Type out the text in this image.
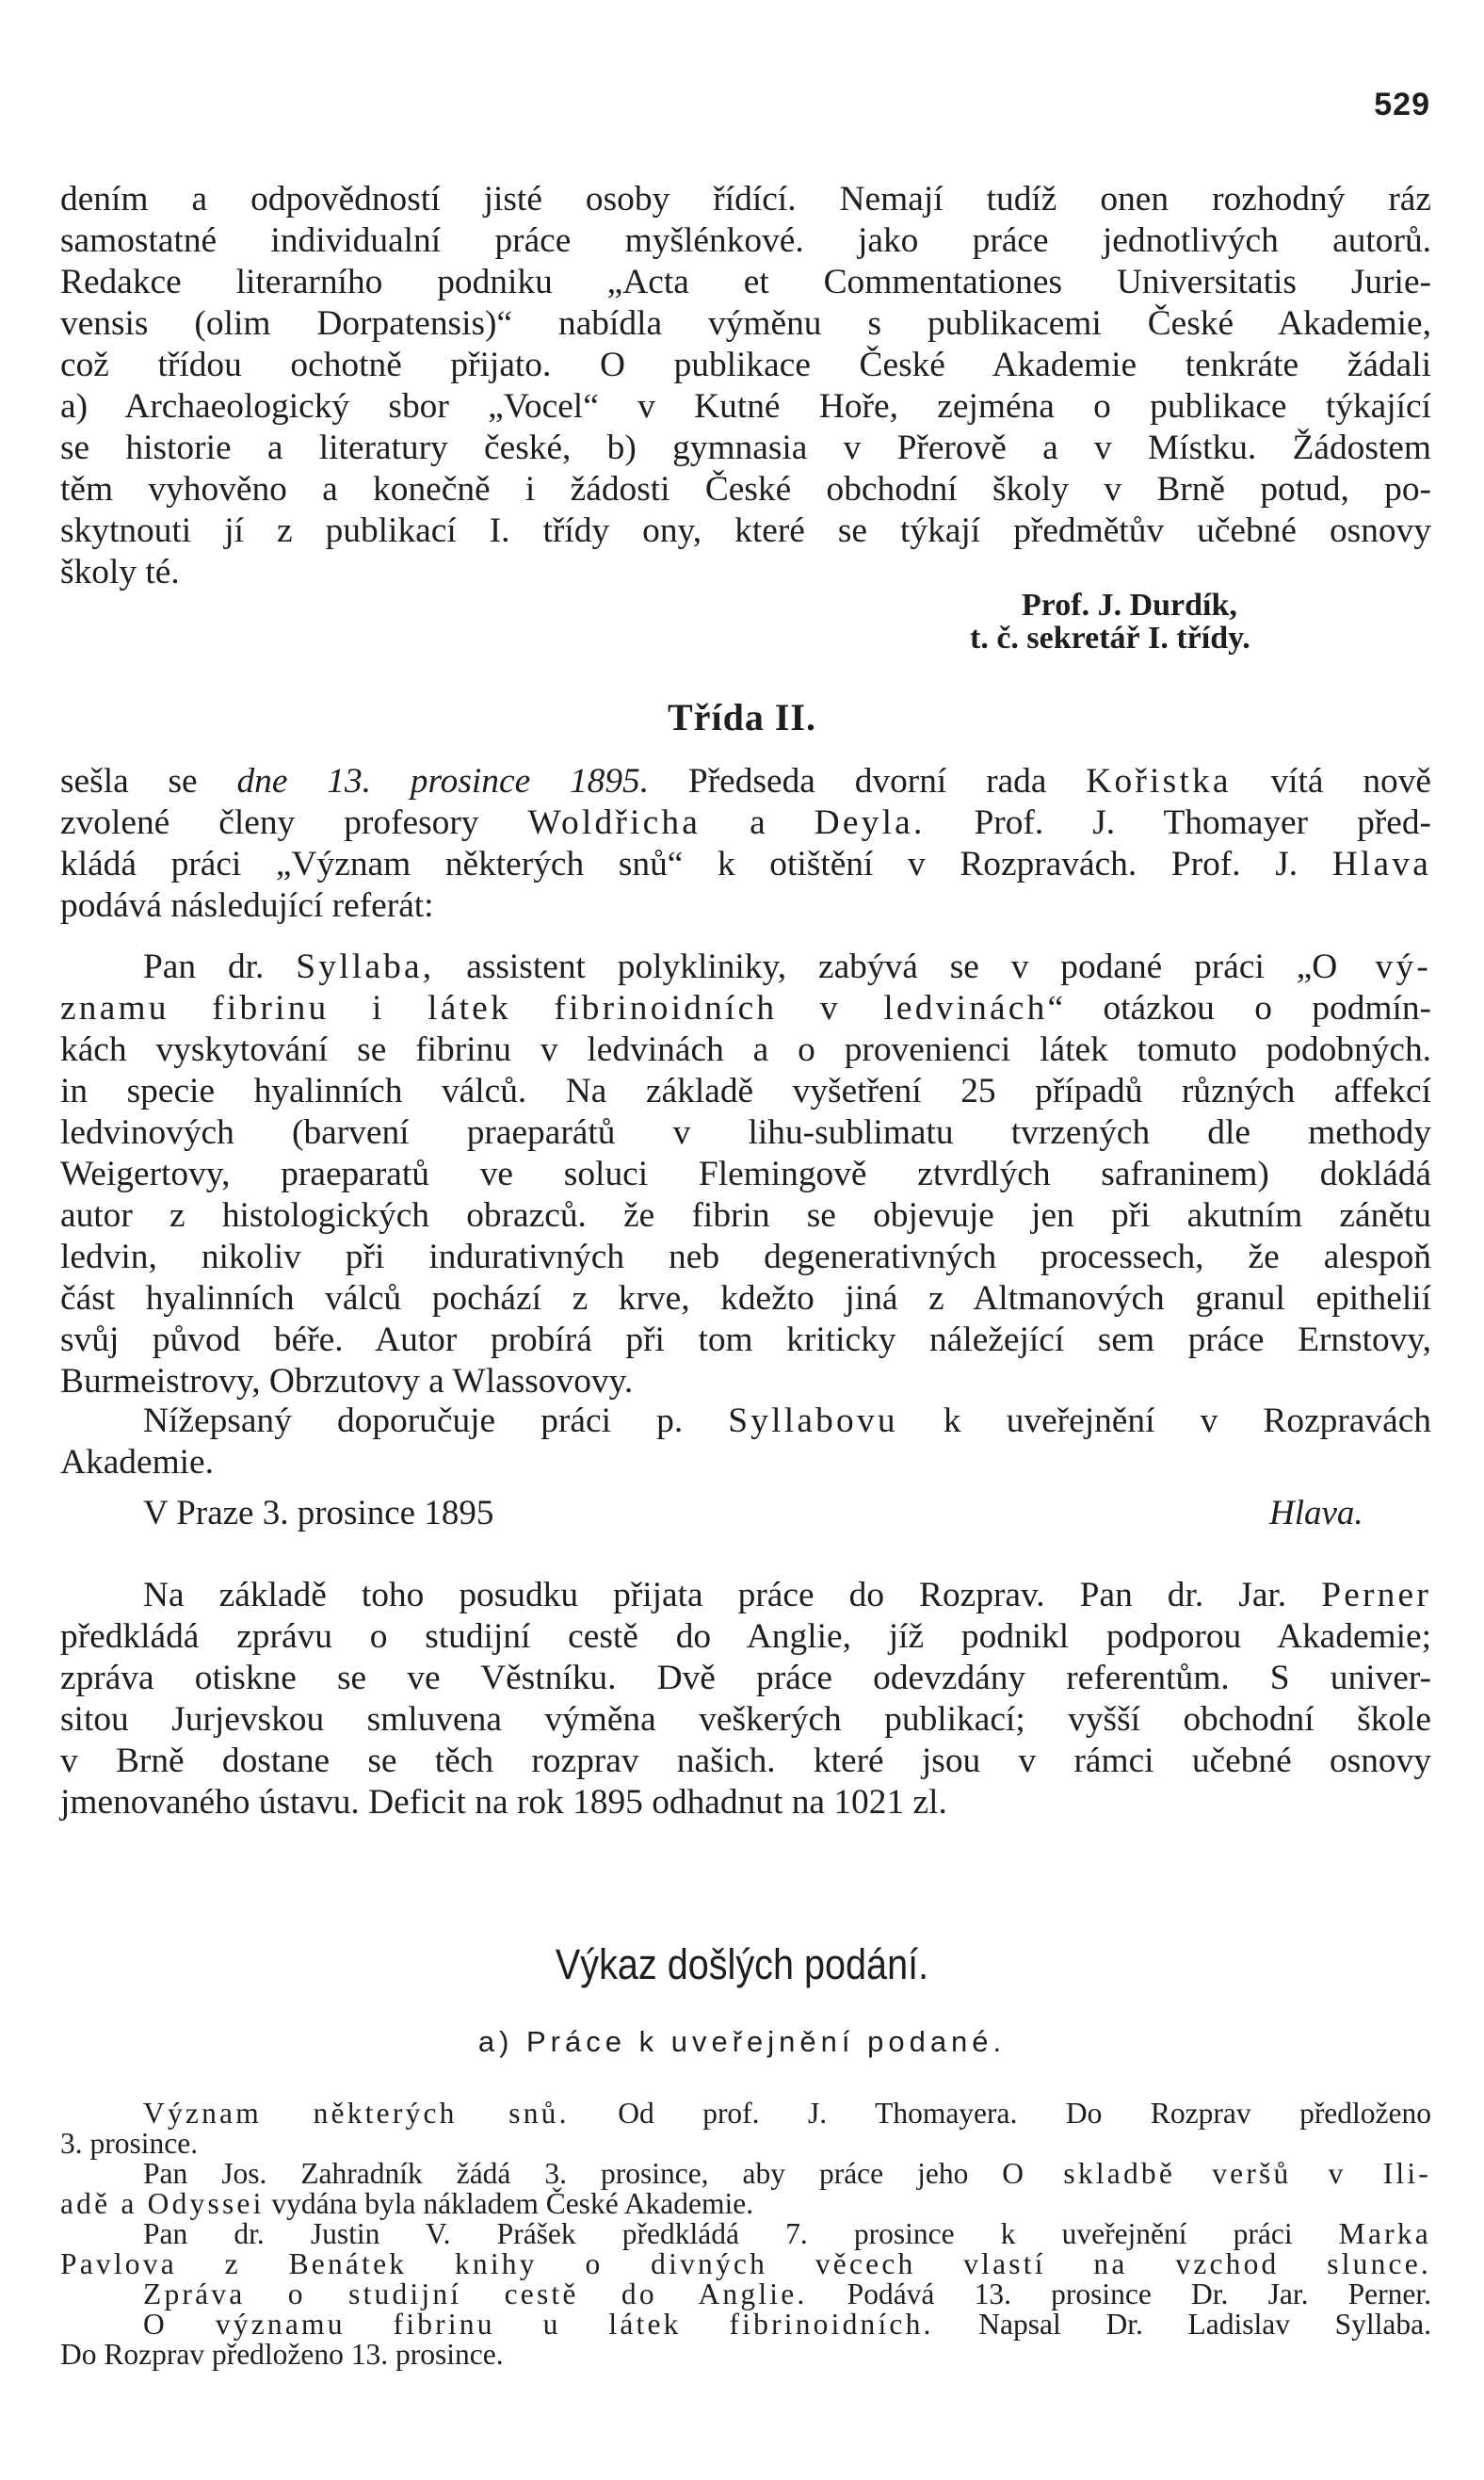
529

dením a odpovědností jisté osoby řídící. Nemají tudíž onen rozhodný ráz
samostatné individualní práce myšlénkové. jako práce jednotlivých autorů.
Redakce literarního podniku „Acta et Commentationes Universitatis Jurie-
vensis (olim Dorpatensis)“ nabídla výměnu s publikacemi České Akademie,
což třídou ochotně přijato. O publikace České Akademie tenkráte žádali
a) Archaeologický sbor „Vocel“ v Kutné Hoře, zejména o publikace týkající
se historie a literatury české, b) gymnasia v Přerově a v Místku. Žádostem
těm vyhověno a konečně i žádosti České obchodní školy v Brně potud, po-
skytnouti jí z publikací I. třídy ony, které se týkají předmětův učebné osnovy
školy té.

Prof. J. Durdík,
t. č. sekretář I. třídy.
Třída II.

sešla se dne 13. prosince 1895. Předseda dvorní rada Kořistka vítá nově
zvolené členy profesory Woldřicha a Deyla. Prof. J. Thomayer před-
kládá práci „Význam některých snů“ k otištění v Rozpravách. Prof. J. Hlava
podává následující referát:

Pan dr. Syllaba, assistent polykliniky, zabývá se v podané práci „O vý-
znamu fibrinu i látek fibrinoidních v ledvinách“ otázkou o podmín-
kách vyskytování se fibrinu v ledvinách a o provenienci látek tomuto podobných.
in specie hyalinních válců. Na základě vyšetření 25 případů různých affekcí
ledvinových (barvení praeparátů v lihu-sublimatu tvrzených dle methody
Weigertovy, praeparatů ve soluci Flemingově ztvrdlých safraninem) dokládá
autor z histologických obrazců. že fibrin se objevuje jen při akutním zánětu
ledvin, nikoliv při indurativných neb degenerativných processech, že alespoň
část hyalinních válců pochází z krve, kdežto jiná z Altmanových granul epithelií
svůj původ béře. Autor probírá při tom kriticky náležející sem práce Ernstovy,
Burmeistrovy, Obrzutovy a Wlassovovy.

Nížepsaný doporučuje práci p. Syllabovu k uveřejnění v Rozpravách
Akademie.

V Praze 3. prosince 1895	Hlava.

Na základě toho posudku přijata práce do Rozprav. Pan dr. Jar. Perner
předkládá zprávu o studijní cestě do Anglie, jíž podnikl podporou Akademie;
zpráva otiskne se ve Věstníku. Dvě práce odevzdány referentům. S univer-
sitou Jurjevskou smluvena výměna veškerých publikací; vyšší obchodní škole
v Brně dostane se těch rozprav našich. které jsou v rámci učebné osnovy
jmenovaného ústavu. Deficit na rok 1895 odhadnut na 1021 zl.

Výkaz došlých podání.
a) Práce k uveřejnění podané.

Význam některých snů. Od prof. J. Thomayera. Do Rozprav předloženo
3. prosince.

Pan Jos. Zahradník žádá 3. prosince, aby práce jeho O skladbě veršů v Ili-
adě a Odyssei vydána byla nákladem České Akademie.

Pan dr. Justin V. Prášek předkládá 7. prosince k uveřejnění práci Marka
Pavlova z Benátek knihy o divných věcech vlastí na vzchod slunce.

Zpráva o studijní cestě do Anglie. Podává 13. prosince Dr. Jar. Perner.

O významu fibrinu u látek fibrinoidních. Napsal Dr. Ladislav Syllaba.
Do Rozprav předloženo 13. prosince.
